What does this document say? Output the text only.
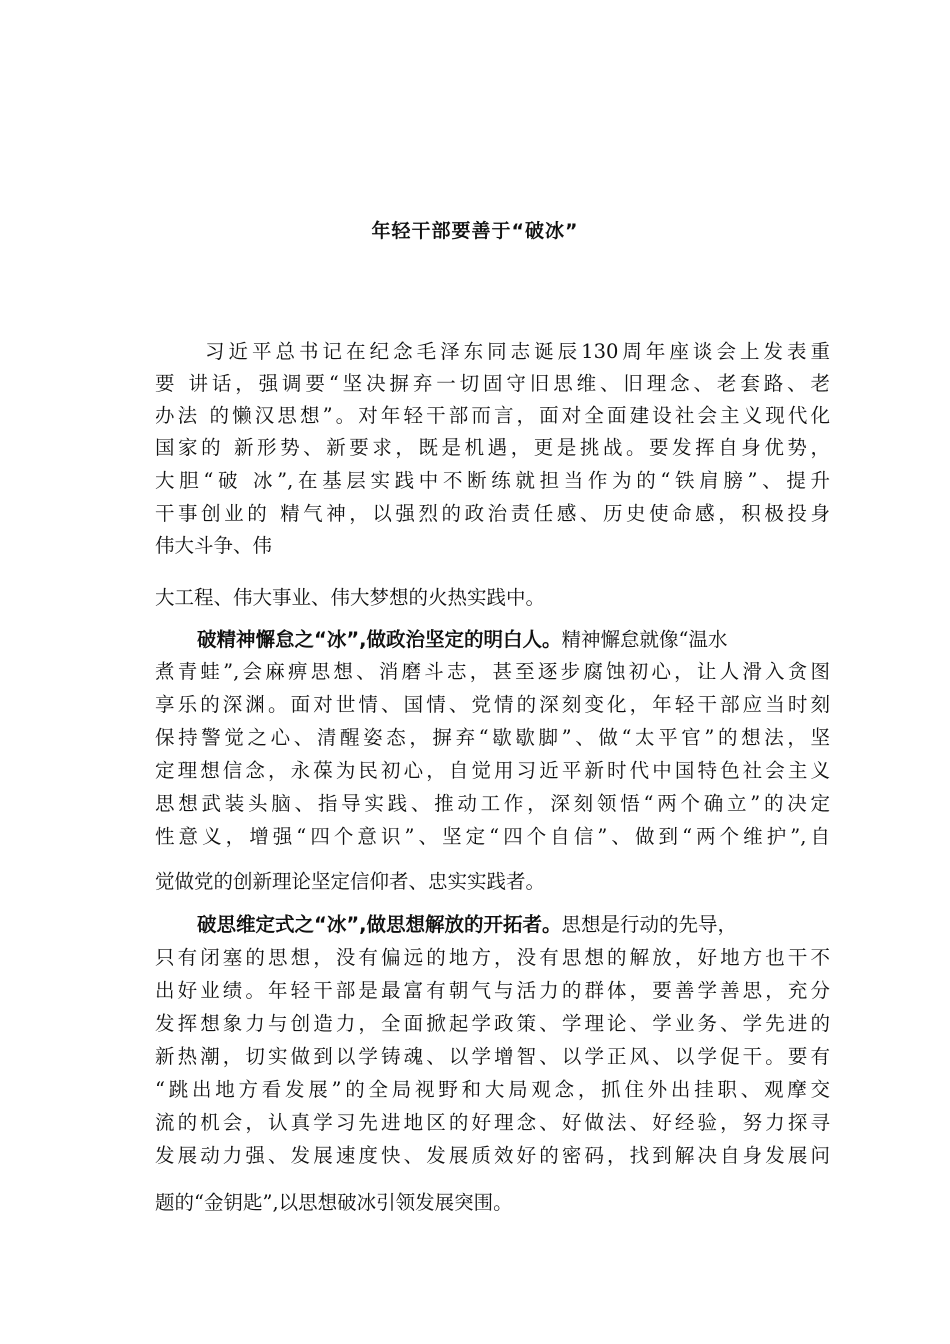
年轻干部要善于“破冰”
习近平总书记在纪念毛泽东同志诞辰130周年座谈会上发表重
要 讲话，强调要“坚决摒弃一切固守旧思维、旧理念、老套路、老
办法 的懒汉思想”。对年轻干部而言，面对全面建设社会主义现代化
国家的 新形势、新要求，既是机遇，更是挑战。要发挥自身优势，
大胆“破 冰”,在基层实践中不断练就担当作为的“铁肩膀”、提升
干事创业的 精气神，以强烈的政治责任感、历史使命感，积极投身
伟大斗争、伟
大工程、伟大事业、伟大梦想的火热实践中。
破精神懈怠之“冰”,做政治坚定的明白人。精神懈怠就像“温水
煮青蛙”,会麻痹思想、消磨斗志，甚至逐步腐蚀初心，让人滑入贪图
享乐的深渊。面对世情、国情、党情的深刻变化，年轻干部应当时刻
保持警觉之心、清醒姿态，摒弃“歇歇脚”、做“太平官”的想法，坚
定理想信念，永葆为民初心，自觉用习近平新时代中国特色社会主义
思想武装头脑、指导实践、推动工作，深刻领悟“两个确立”的决定
性意义，增强“四个意识”、坚定“四个自信”、做到“两个维护”,自
觉做党的创新理论坚定信仰者、忠实实践者。
破思维定式之“冰”,做思想解放的开拓者。思想是行动的先导，
只有闭塞的思想，没有偏远的地方，没有思想的解放，好地方也干不
出好业绩。年轻干部是最富有朝气与活力的群体，要善学善思，充分
发挥想象力与创造力，全面掀起学政策、学理论、学业务、学先进的
新热潮，切实做到以学铸魂、以学增智、以学正风、以学促干。要有
“跳出地方看发展”的全局视野和大局观念，抓住外出挂职、观摩交
流的机会，认真学习先进地区的好理念、好做法、好经验，努力探寻
发展动力强、发展速度快、发展质效好的密码，找到解决自身发展问
题的“金钥匙”,以思想破冰引领发展突围。
